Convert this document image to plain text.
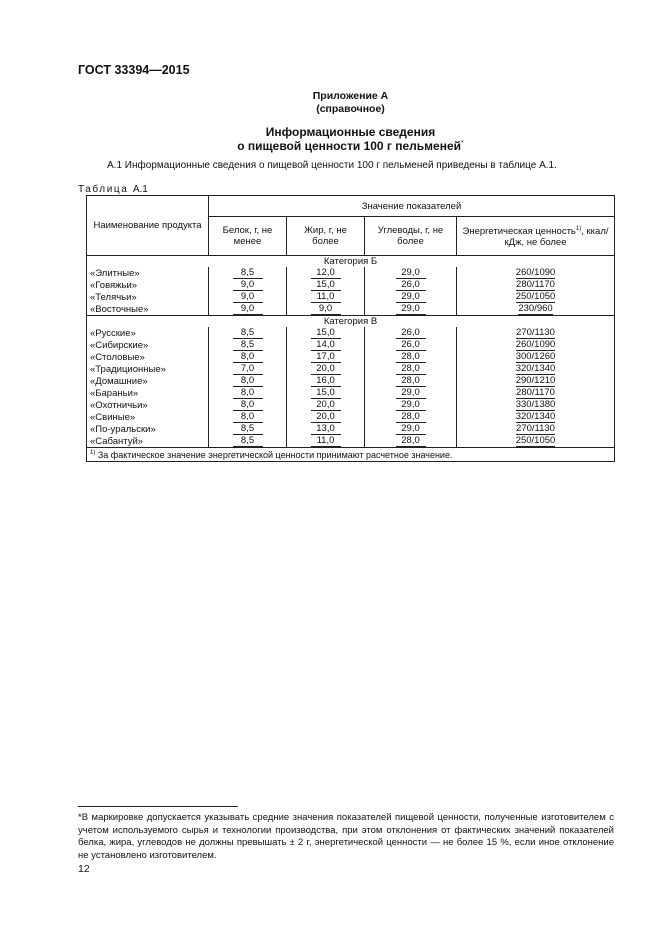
ГОСТ 33394—2015
Приложение А
(справочное)
Информационные сведения
о пищевой ценности 100 г пельменей*
А.1 Информационные сведения о пищевой ценности 100 г пельменей приведены в таблице А.1.
Таблица А.1
Наименование продукта	Значение показателей			
	Белок, г, не менее	Жир, г, не более	Углеводы, г, не более	Энергетическая ценность$^{1)}$, ккал/кДж, не более
Категория Б				
«Элитные»	8,5	12,0	29,0	260/1090
«Говяжьи»	9,0	15,0	26,0	280/1170
«Телячьи»	9,0	11,0	29,0	250/1050
«Восточные»	9,0	9,0	29,0	230/960
Категория В				
«Русские»	8,5	15,0	26,0	270/1130
«Сибирские»	8,5	14,0	26,0	260/1090
«Столовые»	8,0	17,0	28,0	300/1260
«Традиционные»	7,0	20,0	28,0	320/1340
«Домашние»	8,0	16,0	28,0	290/1210
«Бараньи»	8,0	15,0	29,0	280/1170
«Охотничьи»	8,0	20,0	29,0	330/1380
«Свиные»	8,0	20,0	28,0	320/1340
«По-уральски»	8,5	13,0	29,0	270/1130
«Сабантуй»	8,5	11,0	28,0	250/1050
$^{1)}$ За фактическое значение энергетической ценности принимают расчетное значение.				
*В маркировке допускается указывать средние значения показателей пищевой ценности, полученные изготовителем с учетом используемого сырья и технологии производства, при этом отклонения от фактических значений показателей белка, жира, углеводов не должны превышать ± 2 г, энергетической ценности — не более 15 %, если иное отклонение не установлено изготовителем.
12
